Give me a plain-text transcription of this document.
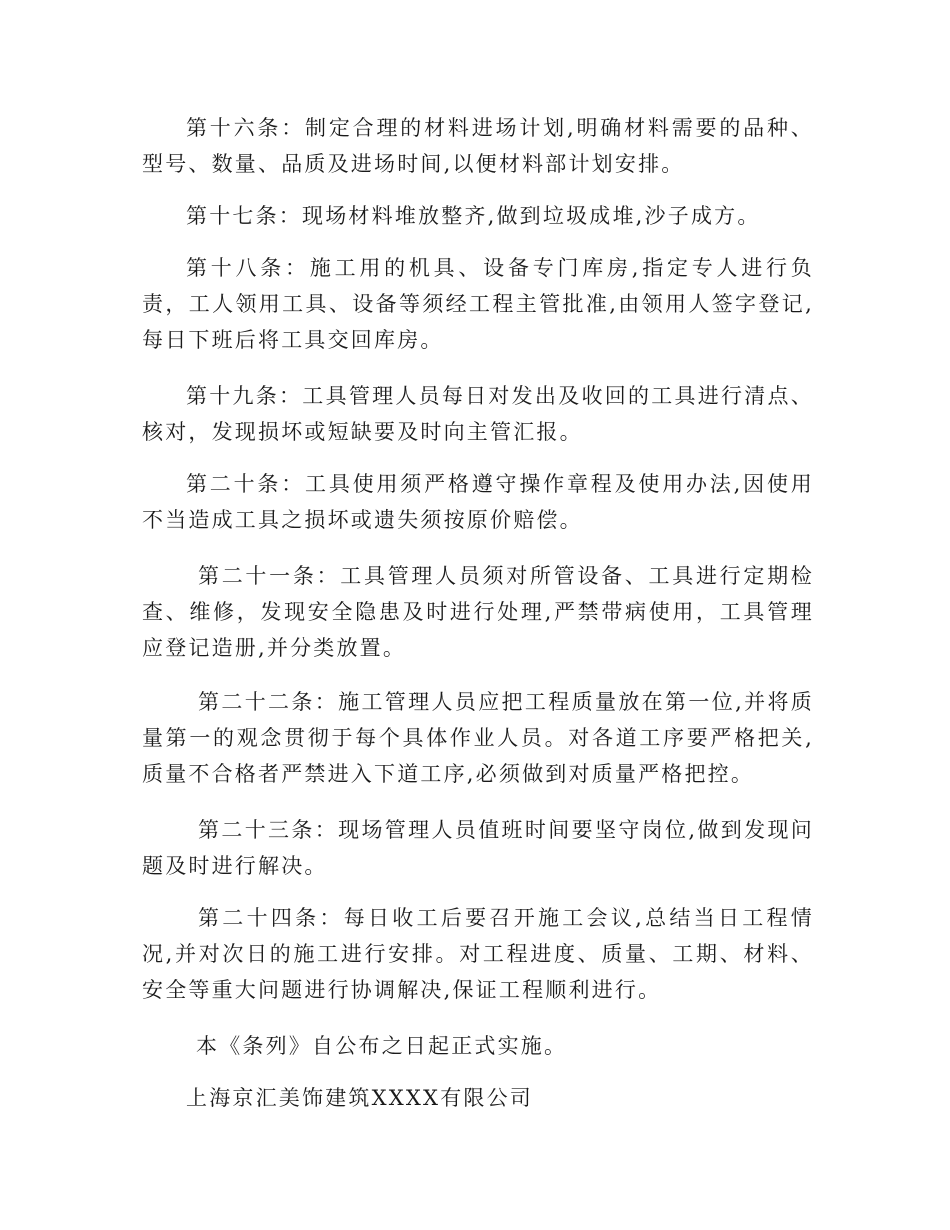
第十六条：制定合理的材料进场计划,明确材料需要的品种、型号、数量、品质及进场时间,以便材料部计划安排。

第十七条：现场材料堆放整齐,做到垃圾成堆,沙子成方。

第十八条：施工用的机具、设备专门库房,指定专人进行负责，工人领用工具、设备等须经工程主管批准,由领用人签字登记,每日下班后将工具交回库房。

第十九条：工具管理人员每日对发出及收回的工具进行清点、核对，发现损坏或短缺要及时向主管汇报。

第二十条：工具使用须严格遵守操作章程及使用办法,因使用不当造成工具之损坏或遗失须按原价赔偿。

第二十一条：工具管理人员须对所管设备、工具进行定期检查、维修，发现安全隐患及时进行处理,严禁带病使用，工具管理应登记造册,并分类放置。

第二十二条：施工管理人员应把工程质量放在第一位,并将质量第一的观念贯彻于每个具体作业人员。对各道工序要严格把关,质量不合格者严禁进入下道工序,必须做到对质量严格把控。

第二十三条：现场管理人员值班时间要坚守岗位,做到发现问题及时进行解决。

第二十四条：每日收工后要召开施工会议,总结当日工程情况,并对次日的施工进行安排。对工程进度、质量、工期、材料、安全等重大问题进行协调解决,保证工程顺利进行。

本《条列》自公布之日起正式实施。

上海京汇美饰建筑XXXX有限公司
